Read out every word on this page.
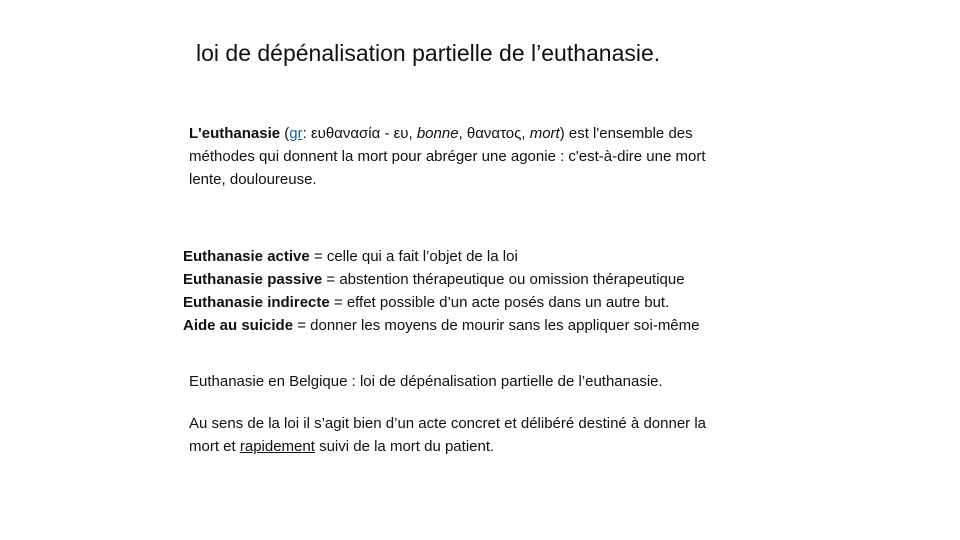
loi de dépénalisation partielle de l’euthanasie.
L'euthanasie (gr: ευθανασία - ευ, bonne, θανατος, mort) est l'ensemble des
méthodes qui donnent la mort pour abréger une agonie : c'est-à-dire une mort
lente, douloureuse.
Euthanasie active = celle qui a fait l’objet de la loi
Euthanasie passive = abstention thérapeutique ou omission thérapeutique
Euthanasie indirecte = effet possible d’un acte posés dans un autre but.
Aide au suicide = donner les moyens de mourir sans les appliquer soi-même
Euthanasie en Belgique : loi de dépénalisation partielle de l’euthanasie.
Au sens de la loi il s’agit bien d’un acte concret et délibéré destiné à donner la
mort et rapidement suivi de la mort du patient.
